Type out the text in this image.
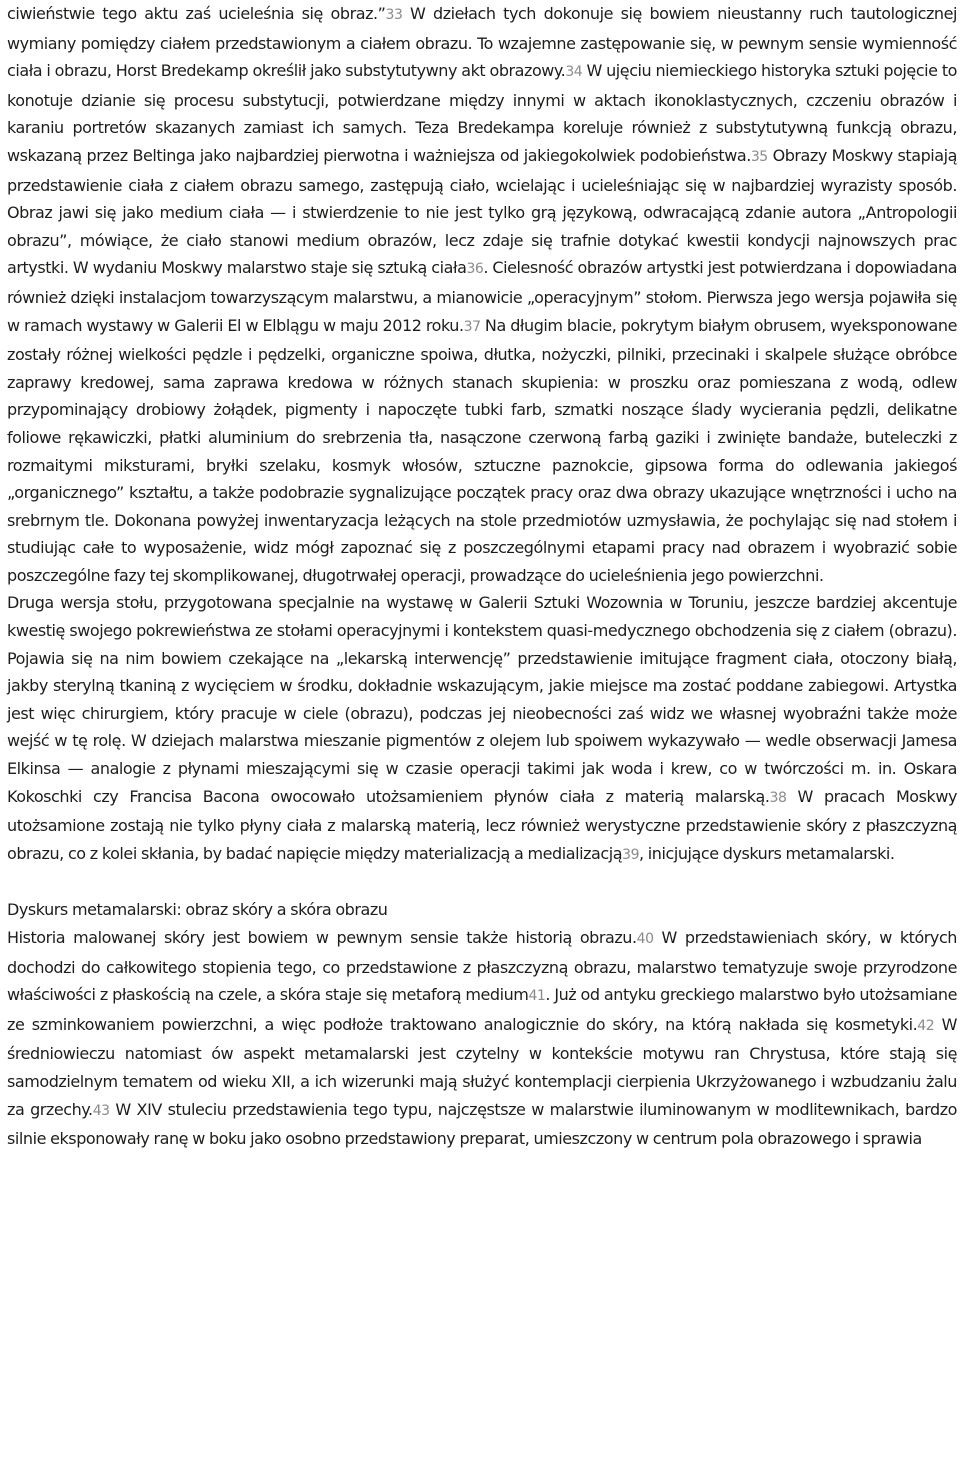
ciwieństwie tego aktu zaś ucieleśnia się obraz.”33 W dziełach tych dokonuje się bowiem nieustanny ruch tautologicznej wymiany pomiędzy ciałem przedstawionym a ciałem obrazu. To wzajemne zastępowanie się, w pewnym sensie wymienność ciała i obrazu, Horst Bredekamp określił jako substytutywny akt obrazowy.34 W ujęciu niemieckiego historyka sztuki pojęcie to konotuje dzianie się procesu substytucji, potwierdzane między innymi w aktach ikonoklastycznych, czczeniu obrazów i karaniu portretów skazanych zamiast ich samych. Teza Bredekampa koreluje również z substytutywną funkcją obrazu, wskazaną przez Beltinga jako najbardziej pierwotna i ważniejsza od jakiegokolwiek podobieństwa.35 Obrazy Moskwy stapiają przedstawienie ciała z ciałem obrazu samego, zastępują ciało, wcielając i ucieleśniając się w najbardziej wyrazisty sposób. Obraz jawi się jako medium ciała — i stwierdzenie to nie jest tylko grą językową, odwracającą zdanie autora „Antropologii obrazu”, mówiące, że ciało stanowi medium obrazów, lecz zdaje się trafnie dotykać kwestii kondycji najnowszych prac artystki. W wydaniu Moskwy malarstwo staje się sztuką ciała36. Cielesność obrazów artystki jest potwierdzana i dopowiadana również dzięki instalacjom towarzyszącym malarstwu, a mianowicie „operacyjnym” stołom. Pierwsza jego wersja pojawiła się w ramach wystawy w Galerii El w Elblągu w maju 2012 roku.37 Na długim blacie, pokrytym białym obrusem, wyeksponowane zostały różnej wielkości pędzle i pędzelki, organiczne spoiwa, dłutka, nożyczki, pilniki, przecinaki i skalpele służące obróbce zaprawy kredowej, sama zaprawa kredowa w różnych stanach skupienia: w proszku oraz pomieszana z wodą, odlew przypominający drobiowy żołądek, pigmenty i napoczęte tubki farb, szmatki noszące ślady wycierania pędzli, delikatne foliowe rękawiczki, płatki aluminium do srebrzenia tła, nasączone czerwoną farbą gaziki i zwinięte bandaże, buteleczki z rozmaitymi miksturami, bryłki szelaku, kosmyk włosów, sztuczne paznokcie, gipsowa forma do odlewania jakiegoś „organicznego” kształtu, a także podobrazie sygnalizujące początek pracy oraz dwa obrazy ukazujące wnętrzności i ucho na srebrnym tle. Dokonana powyżej inwentaryzacja leżących na stole przedmiotów uzmysławia, że pochylając się nad stołem i studiując całe to wyposażenie, widz mógł zapoznać się z poszczególnymi etapami pracy nad obrazem i wyobrazić sobie poszczególne fazy tej skomplikowanej, długotrwałej operacji, prowadzące do ucieleśnienia jego powierzchni.

Druga wersja stołu, przygotowana specjalnie na wystawę w Galerii Sztuki Wozownia w Toruniu, jeszcze bardziej akcentuje kwestię swojego pokrewieństwa ze stołami operacyjnymi i kontekstem quasi-medycznego obchodzenia się z ciałem (obrazu). Pojawia się na nim bowiem czekające na „lekarską interwencję” przedstawienie imitujące fragment ciała, otoczony białą, jakby sterylną tkaniną z wycięciem w środku, dokładnie wskazującym, jakie miejsce ma zostać poddane zabiegowi. Artystka jest więc chirurgiem, który pracuje w ciele (obrazu), podczas jej nieobecności zaś widz we własnej wyobraźni także może wejść w tę rolę. W dziejach malarstwa mieszanie pigmentów z olejem lub spoiwem wykazywało — wedle obserwacji Jamesa Elkinsa — analogie z płynami mieszającymi się w czasie operacji takimi jak woda i krew, co w twórczości m. in. Oskara Kokoschki czy Francisa Bacona owocowało utożsamieniem płynów ciała z materią malarską.38 W pracach Moskwy utożsamione zostają nie tylko płyny ciała z malarską materią, lecz również werystyczne przedstawienie skóry z płaszczyzną obrazu, co z kolei skłania, by badać napięcie między materializacją a medializacją39, inicjujące dyskurs metamalarski.

Dyskurs metamalarski: obraz skóry a skóra obrazu

Historia malowanej skóry jest bowiem w pewnym sensie także historią obrazu.40 W przedstawieniach skóry, w których dochodzi do całkowitego stopienia tego, co przedstawione z płaszczyzną obrazu, malarstwo tematyzuje swoje przyrodzone właściwości z płaskością na czele, a skóra staje się metaforą medium41. Już od antyku greckiego malarstwo było utożsamiane ze szminkowaniem powierzchni, a więc podłoże traktowano analogicznie do skóry, na którą nakłada się kosmetyki.42 W średniowieczu natomiast ów aspekt metamalarski jest czytelny w kontekście motywu ran Chrystusa, które stają się samodzielnym tematem od wieku XII, a ich wizerunki mają służyć kontemplacji cierpienia Ukrzyżowanego i wzbudzaniu żalu za grzechy.43 W XIV stuleciu przedstawienia tego typu, najczęstsze w malarstwie iluminowanym w modlitewnikach, bardzo silnie eksponowały ranę w boku jako osobno przedstawiony preparat, umieszczony w centrum pola obrazowego i sprawia
